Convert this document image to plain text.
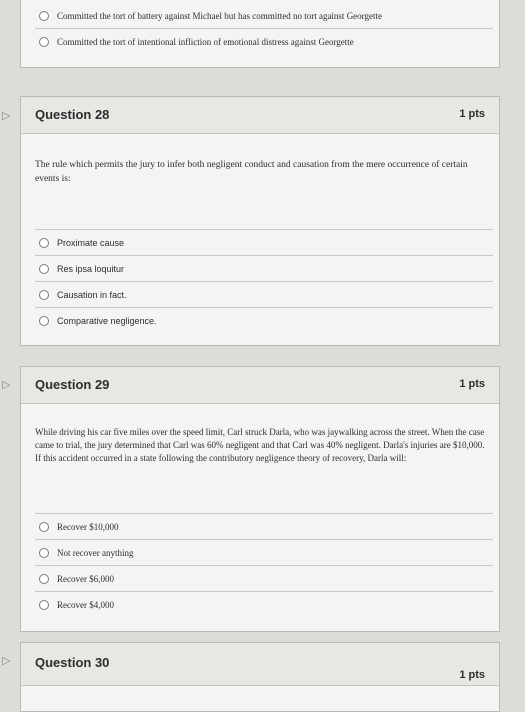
Committed the tort of battery against Michael but has committed no tort against Georgette
Committed the tort of intentional infliction of emotional distress against Georgette
▷	Question 28	1 pts
The rule which permits the jury to infer both negligent conduct and causation from the mere occurrence of certain events is:
Proximate cause
Res ipsa loquitur
Causation in fact.
Comparative negligence.
▷	Question 29	1 pts
While driving his car five miles over the speed limit, Carl struck Darla, who was jaywalking across the street. When the case came to trial, the jury determined that Carl was 60% negligent and that Carl was 40% negligent. Darla's injuries are $10,000. If this accident occurred in a state following the contributory negligence theory of recovery, Darla will:
Recover $10,000
Not recover anything
Recover $6,000
Recover $4,000
▷	Question 30
1 pts
